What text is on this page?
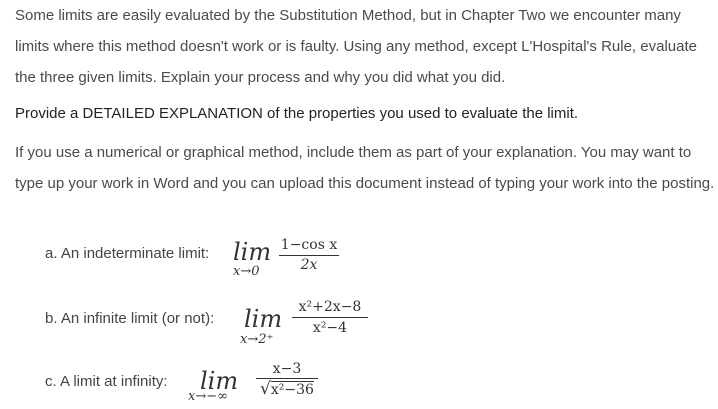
Some limits are easily evaluated by the Substitution Method, but in Chapter Two we encounter many limits where this method doesn't work or is faulty. Using any method, except L'Hospital's Rule, evaluate the three given limits. Explain your process and why you did what you did.

Provide a DETAILED EXPLANATION of the properties you used to evaluate the limit.

If you use a numerical or graphical method, include them as part of your explanation. You may want to type up your work in Word and you can upload this document instead of typing your work into the posting.

a. An indeterminate limit: lim
x→0
1−cos x
2x
b. An infinite limit (or not): lim
x→2⁺
x²+2x−8
x²−4
c. A limit at infinity: lim
x→−∞
x−3
√x²−36
